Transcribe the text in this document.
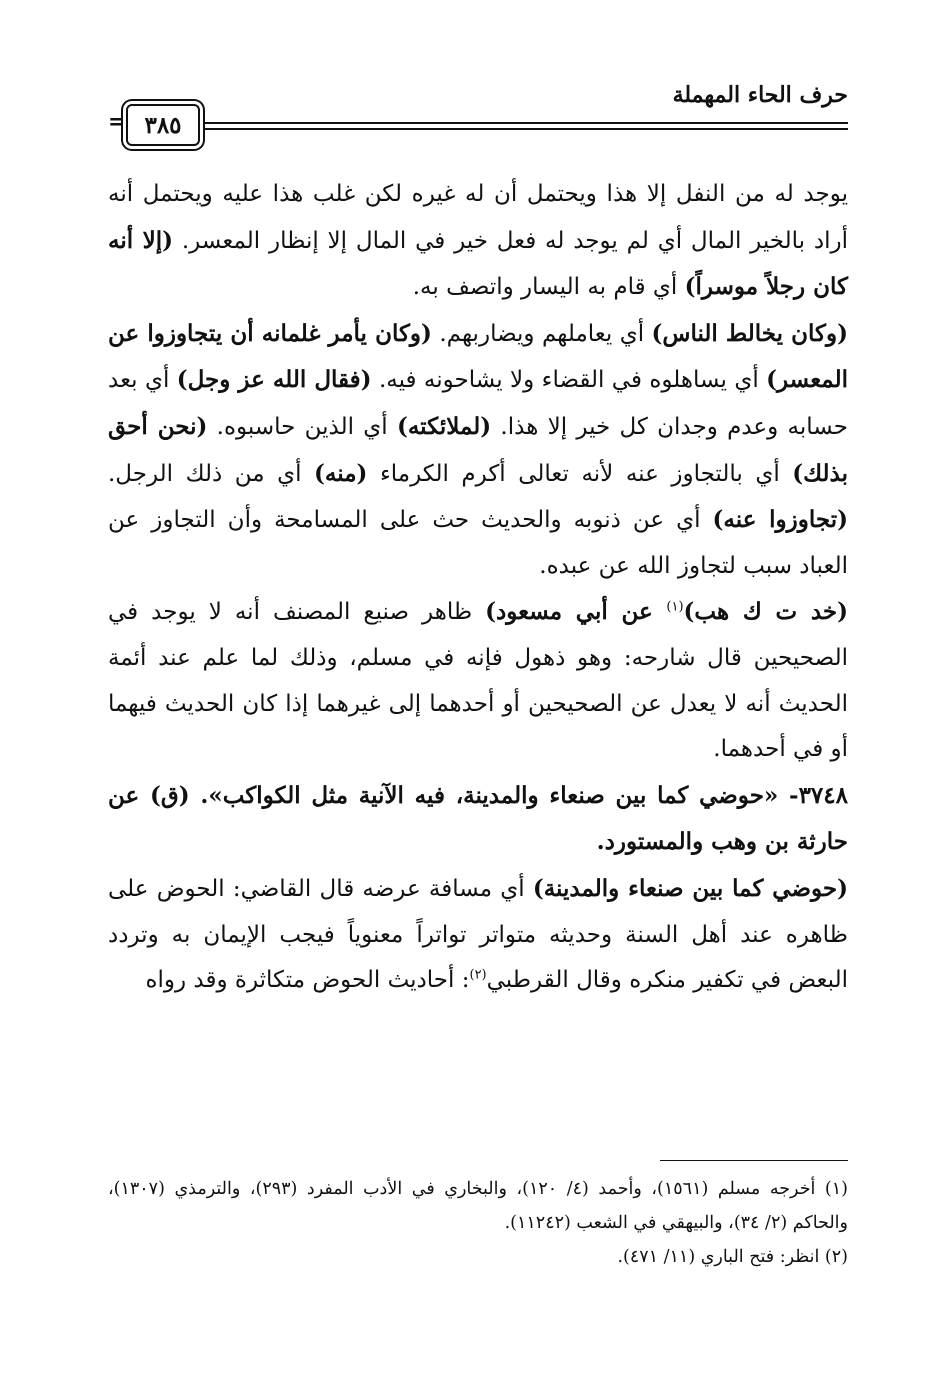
حرف الحاء المهملة
= ٣٨٥

يوجد له من النفل إلا هذا ويحتمل أن له غيره لكن غلب هذا عليه ويحتمل أنه أراد بالخير المال أي لم يوجد له فعل خير في المال إلا إنظار المعسر. (إلا أنه كان رجلاً موسراً) أي قام به اليسار واتصف به.

(وكان يخالط الناس) أي يعاملهم ويضاربهم. (وكان يأمر غلمانه أن يتجاوزوا عن المعسر) أي يساهلوه في القضاء ولا يشاحونه فيه. (فقال الله عز وجل) أي بعد حسابه وعدم وجدان كل خير إلا هذا. (لملائكته) أي الذين حاسبوه. (نحن أحق بذلك) أي بالتجاوز عنه لأنه تعالى أكرم الكرماء (منه) أي من ذلك الرجل. (تجاوزوا عنه) أي عن ذنوبه والحديث حث على المسامحة وأن التجاوز عن العباد سبب لتجاوز الله عن عبده.

(خد ت ك هب)$^{(١)}$ عن أبي مسعود) ظاهر صنيع المصنف أنه لا يوجد في الصحيحين قال شارحه: وهو ذهول فإنه في مسلم، وذلك لما علم عند أئمة الحديث أنه لا يعدل عن الصحيحين أو أحدهما إلى غيرهما إذا كان الحديث فيهما أو في أحدهما.

٣٧٤٨- «حوضي كما بين صنعاء والمدينة، فيه الآنية مثل الكواكب». (ق) عن حارثة بن وهب والمستورد.

(حوضي كما بين صنعاء والمدينة) أي مسافة عرضه قال القاضي: الحوض على ظاهره عند أهل السنة وحديثه متواتر تواتراً معنوياً فيجب الإيمان به وتردد البعض في تكفير منكره وقال القرطبي$^{(٢)}$: أحاديث الحوض متكاثرة وقد رواه

(١) أخرجه مسلم (١٥٦١)، وأحمد (٤/ ١٢٠)، والبخاري في الأدب المفرد (٢٩٣)، والترمذي (١٣٠٧)، والحاكم (٢/ ٣٤)، والبيهقي في الشعب (١١٢٤٢).

(٢) انظر: فتح الباري (١١/ ٤٧١).
